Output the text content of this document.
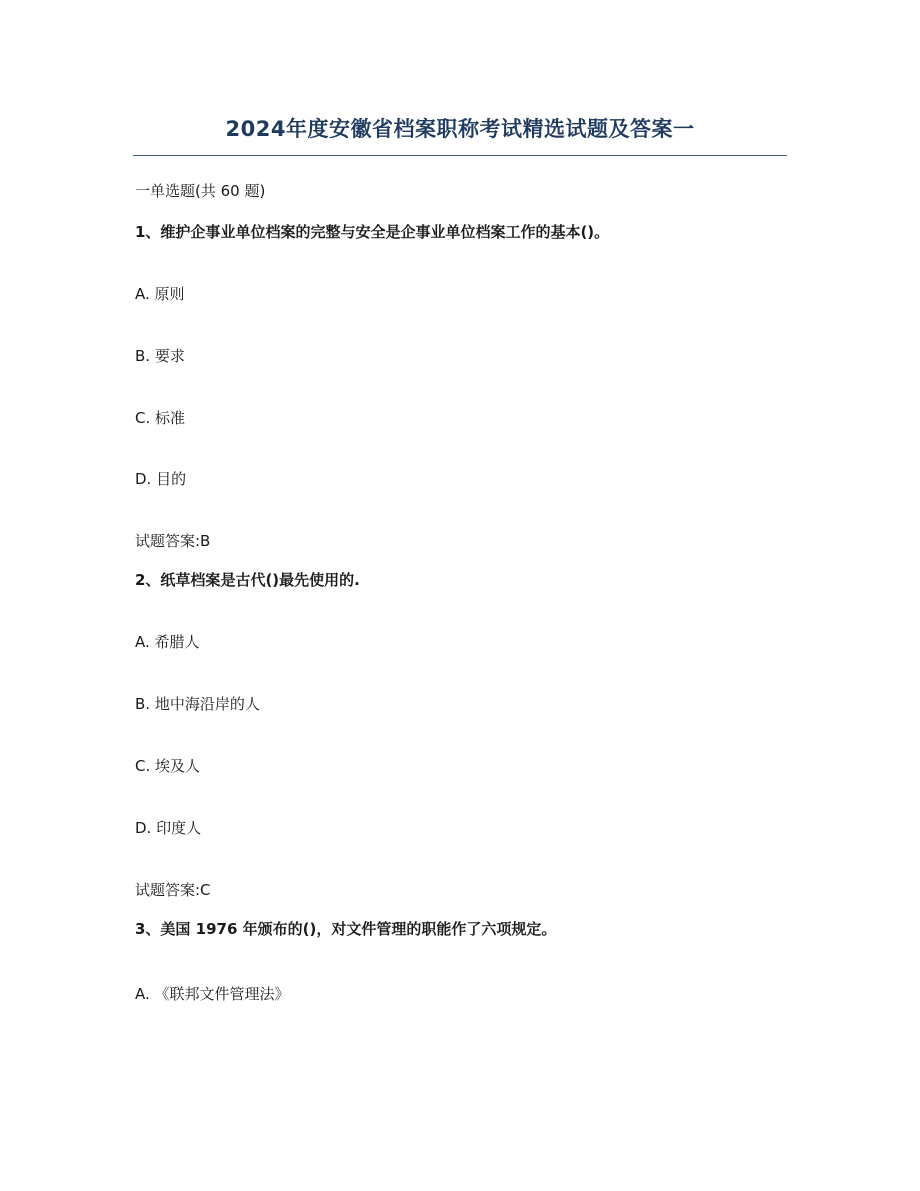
2024年度安徽省档案职称考试精选试题及答案一
一单选题(共 60 题)
1、维护企事业单位档案的完整与安全是企事业单位档案工作的基本()。
A. 原则
B. 要求
C. 标准
D. 目的
试题答案:B
2、纸草档案是古代()最先使用的.
A. 希腊人
B. 地中海沿岸的人
C. 埃及人
D. 印度人
试题答案:C
3、美国 1976 年颁布的()，对文件管理的职能作了六项规定。
A. 《联邦文件管理法》
